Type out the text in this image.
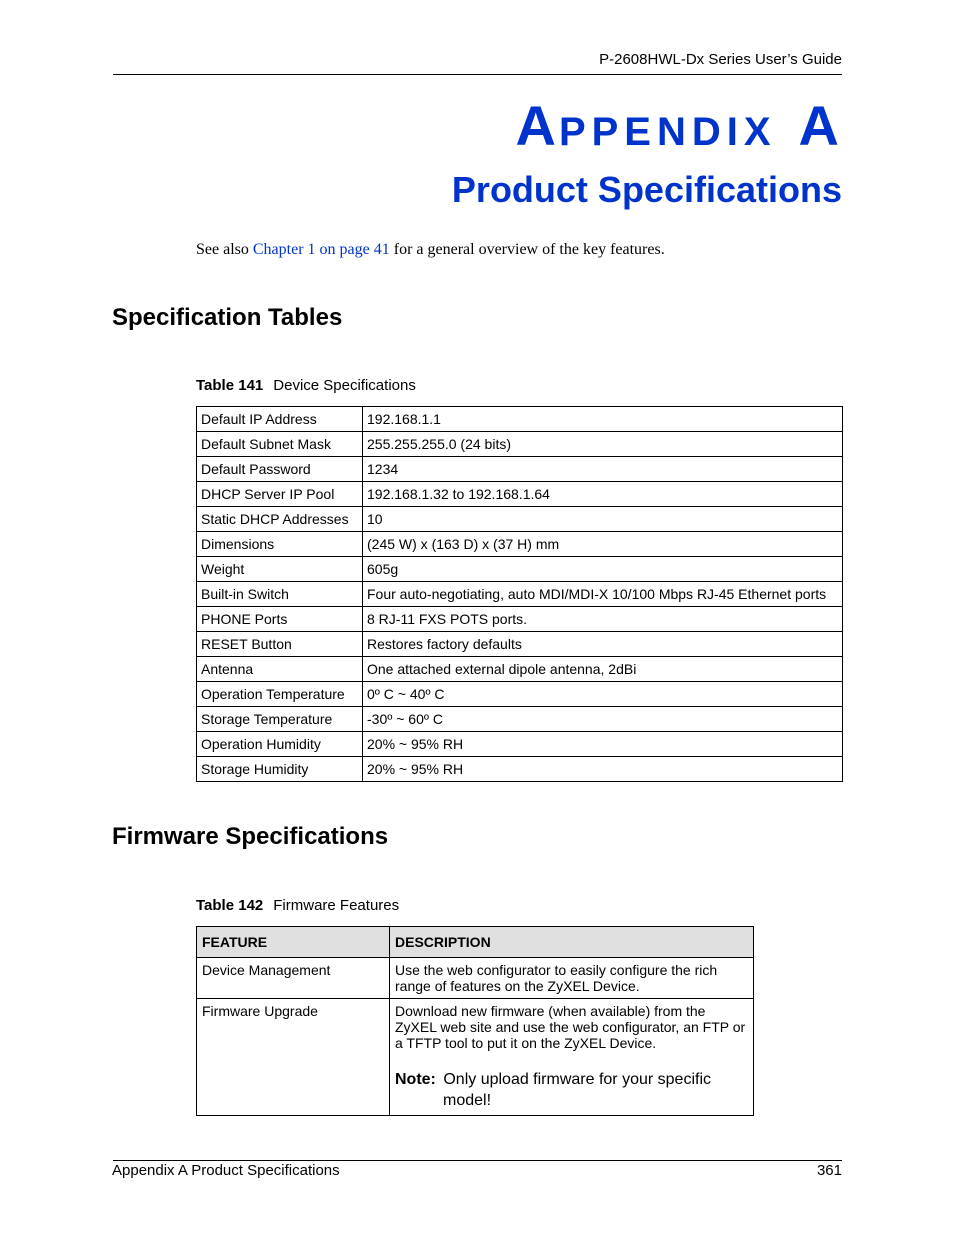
P-2608HWL-Dx Series User’s Guide
APPENDIX A
Product Specifications
See also Chapter 1 on page 41 for a general overview of the key features.
Specification Tables
Table 141 Device Specifications
Default IP Address	192.168.1.1
Default Subnet Mask	255.255.255.0 (24 bits)
Default Password	1234
DHCP Server IP Pool	192.168.1.32 to 192.168.1.64
Static DHCP Addresses	10
Dimensions	(245 W) x (163 D) x (37 H) mm
Weight	605g
Built-in Switch	Four auto-negotiating, auto MDI/MDI-X 10/100 Mbps RJ-45 Ethernet ports
PHONE Ports	8 RJ-11 FXS POTS ports.
RESET Button	Restores factory defaults
Antenna	One attached external dipole antenna, 2dBi
Operation Temperature	0º C ~ 40º C
Storage Temperature	-30º ~ 60º C
Operation Humidity	20% ~ 95% RH
Storage Humidity	20% ~ 95% RH
Firmware Specifications
Table 142 Firmware Features
FEATURE	DESCRIPTION
Device Management	Use the web configurator to easily configure the rich range of features on the ZyXEL Device.
Firmware Upgrade	Download new firmware (when available) from the ZyXEL web site and use the web configurator, an FTP or a TFTP tool to put it on the ZyXEL Device.
Note: Only upload firmware for your specific model!
Appendix A Product Specifications	361
